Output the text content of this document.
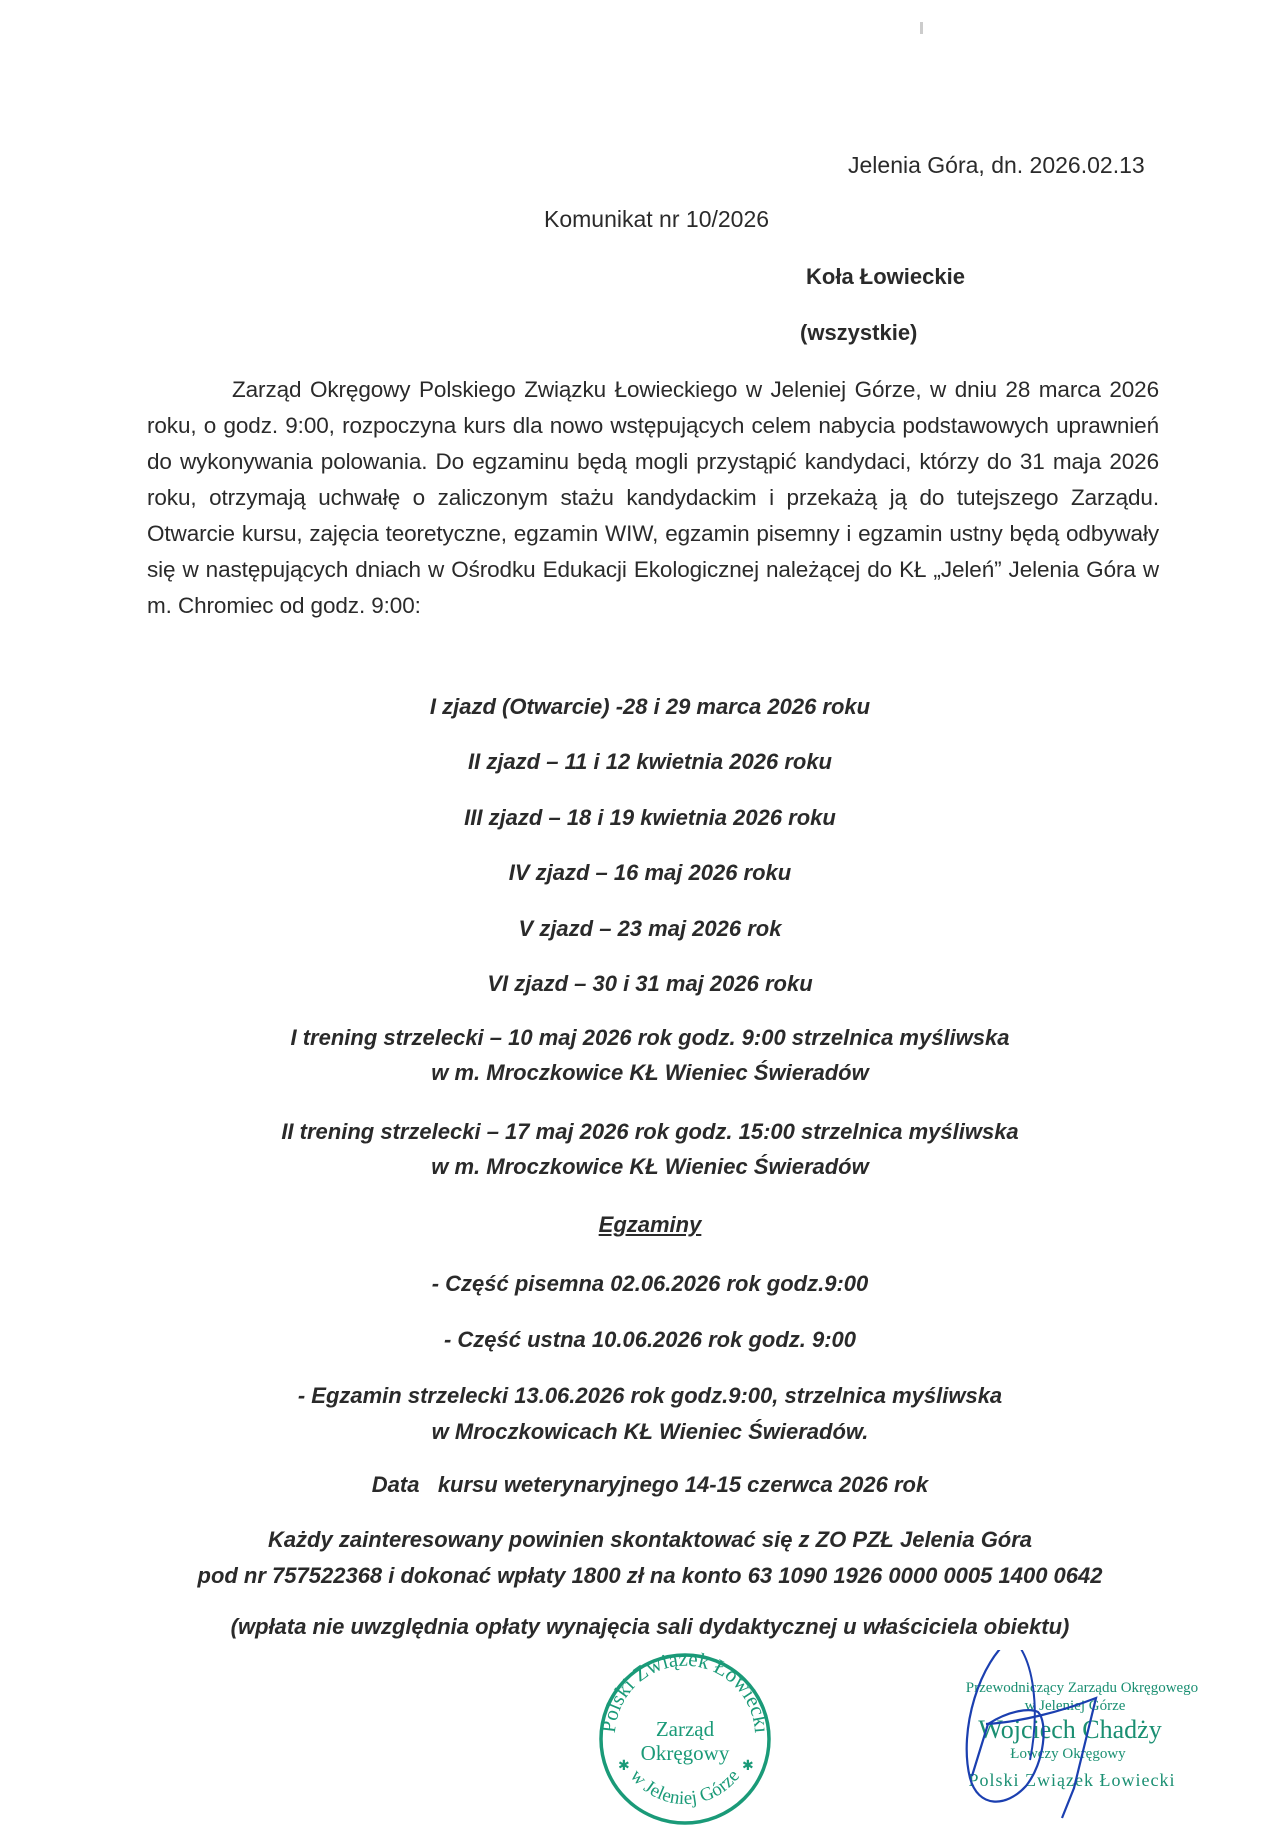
Jelenia Góra, dn. 2026.02.13
Komunikat nr 10/2026
Koła Łowieckie
(wszystkie)
Zarząd Okręgowy Polskiego Związku Łowieckiego w Jeleniej Górze, w dniu 28 marca 2026 roku, o godz. 9:00, rozpoczyna kurs dla nowo wstępujących celem nabycia podstawowych uprawnień do wykonywania polowania. Do egzaminu będą mogli przystąpić kandydaci, którzy do 31 maja 2026 roku, otrzymają uchwałę o zaliczonym stażu kandydackim i przekażą ją do tutejszego Zarządu. Otwarcie kursu, zajęcia teoretyczne, egzamin WIW, egzamin pisemny i egzamin ustny będą odbywały się w następujących dniach w Ośrodku Edukacji Ekologicznej należącej do KŁ „Jeleń” Jelenia Góra w m. Chromiec od godz. 9:00:
I zjazd (Otwarcie) -28 i 29 marca 2026 roku
II zjazd – 11 i 12 kwietnia 2026 roku
III zjazd – 18 i 19 kwietnia 2026 roku
IV zjazd – 16 maj 2026 roku
V zjazd – 23 maj 2026 rok
VI zjazd – 30 i 31 maj 2026 roku
I trening strzelecki – 10 maj 2026 rok godz. 9:00 strzelnica myśliwska
w m. Mroczkowice KŁ Wieniec Świeradów
II trening strzelecki – 17 maj 2026 rok godz. 15:00 strzelnica myśliwska
w m. Mroczkowice KŁ Wieniec Świeradów
Egzaminy
- Część pisemna 02.06.2026 rok godz.9:00
- Część ustna 10.06.2026 rok godz. 9:00
- Egzamin strzelecki 13.06.2026 rok godz.9:00, strzelnica myśliwska
w Mroczkowicach KŁ Wieniec Świeradów.
Data   kursu weterynaryjnego 14-15 czerwca 2026 rok
Każdy zainteresowany powinien skontaktować się z ZO PZŁ Jelenia Góra
pod nr 757522368 i dokonać wpłaty 1800 zł na konto 63 1090 1926 0000 0005 1400 0642
(wpłata nie uwzględnia opłaty wynajęcia sali dydaktycznej u właściciela obiektu)
Polski Związek Łowiecki
w Jeleniej Górze
✱	✱
Zarząd
Okręgowy
Przewodniczący Zarządu Okręgowego
w Jeleniej Górze
Wojciech Chadży
Łowczy Okręgowy
Polski Związek Łowiecki
